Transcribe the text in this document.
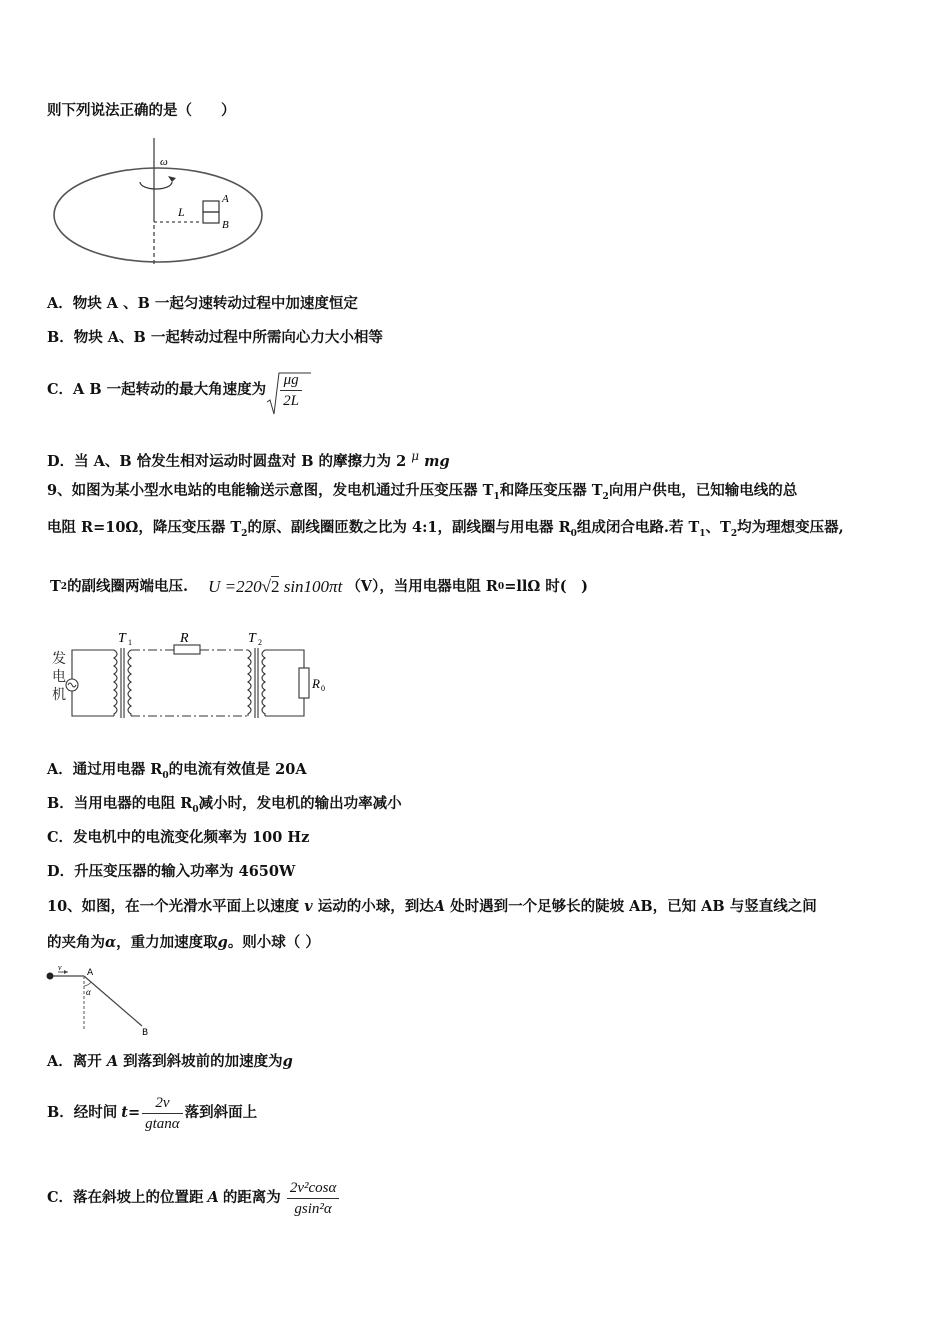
则下列说法正确的是（　　）
ω
L
A
B
A．物块 A 、B 一起匀速转动过程中加速度恒定
B．物块 A、B 一起转动过程中所需向心力大小相等
C．A B 一起转动的最大角速度为 $\frac{\mu g}{2L}$
D．当 A、B 恰发生相对运动时圆盘对 B 的摩擦力为 2 $^\mu$ mg
9、如图为某小型水电站的电能输送示意图，发电机通过升压变压器 $T_1$和降压变压器 $T_2$向用户供电，已知输电线的总
电阻 R=10Ω，降压变压器 $T_2$的原、副线圈匝数之比为 4:1，副线圈与用电器 $R_0$组成闭合电路.若 $T_1$、$T_2$均为理想变压器,
T 2 的副线圈两端电压. U =220√2 sin100πt （V），当用电器电阻 R 0 =llΩ 时(　)
发
电
机
T 1	R	T 2
R 0
A．通过用电器 $R_0$的电流有效值是 20A
B．当用电器的电阻 $R_0$减小时，发电机的输出功率减小
C．发电机中的电流变化频率为 100 Hz
D．升压变压器的输入功率为 4650W
10、如图，在一个光滑水平面上以速度 v 运动的小球，到达A 处时遇到一个足够长的陡坡 AB，已知 AB 与竖直线之间
的夹角为α，重力加速度取g。则小球（ ）
v
A
α
B
A．离开 A 到落到斜坡前的加速度为g
B．经时间 $t= \frac{2v}{gtan\alpha}$ 落到斜面上
C．落在斜坡上的位置距 A 的距离为 $\frac{\text{2v²cosα}}{\text{gsin²α}}$
